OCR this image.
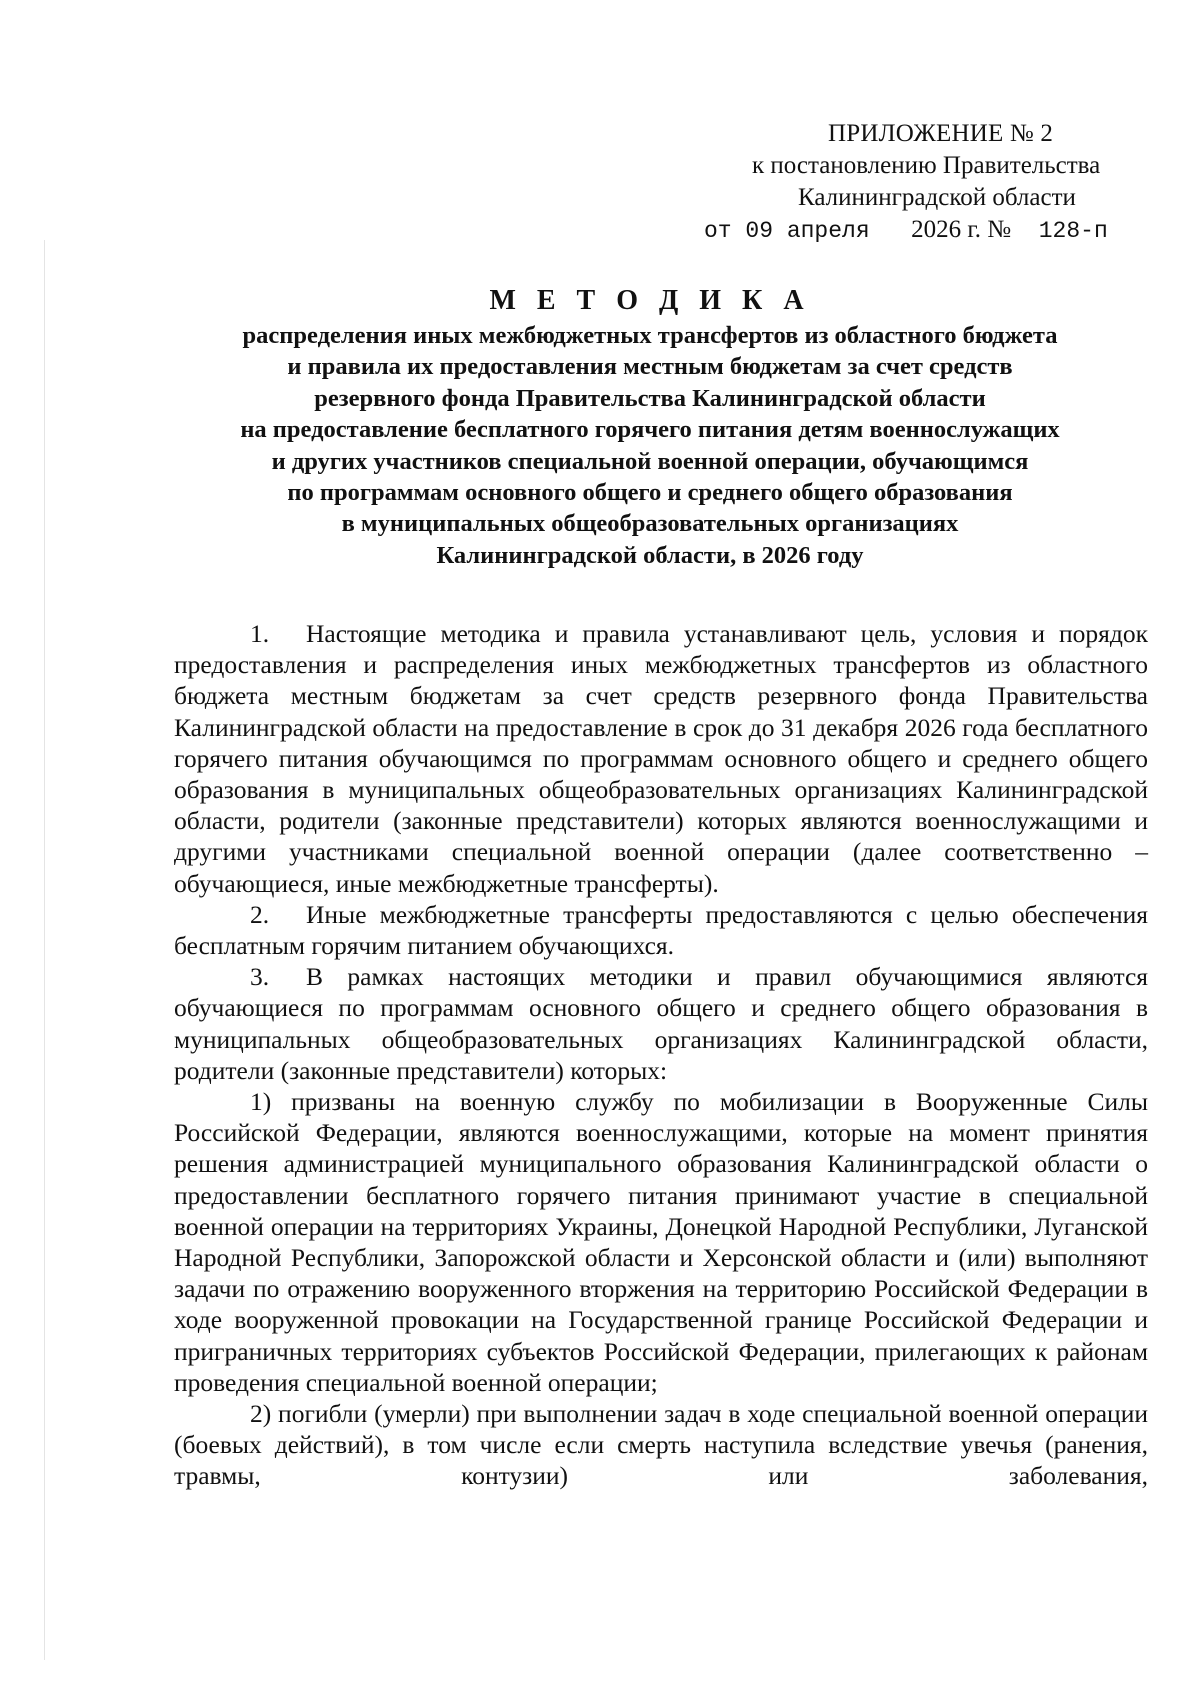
ПРИЛОЖЕНИЕ № 2
к постановлению Правительства
Калининградской области
от 09 апреля 2026 г. № 128-п
М Е Т О Д И К А
распределения иных межбюджетных трансфертов из областного бюджета
и правила их предоставления местным бюджетам за счет средств
резервного фонда Правительства Калининградской области
на предоставление бесплатного горячего питания детям военнослужащих
и других участников специальной военной операции, обучающимся
по программам основного общего и среднего общего образования
в муниципальных общеобразовательных организациях
Калининградской области, в 2026 году

1. Настоящие методика и правила устанавливают цель, условия и порядок предоставления и распределения иных межбюджетных трансфертов из областного бюджета местным бюджетам за счет средств резервного фонда Правительства Калининградской области на предоставление в срок до 31 декабря 2026 года бесплатного горячего питания обучающимся по программам основного общего и среднего общего образования в муниципальных общеобразовательных организациях Калининградской области, родители (законные представители) которых являются военнослужащими и другими участниками специальной военной операции (далее соответственно – обучающиеся, иные межбюджетные трансферты).

2. Иные межбюджетные трансферты предоставляются с целью обеспечения бесплатным горячим питанием обучающихся.

3. В рамках настоящих методики и правил обучающимися являются обучающиеся по программам основного общего и среднего общего образования в муниципальных общеобразовательных организациях Калининградской области, родители (законные представители) которых:

1) призваны на военную службу по мобилизации в Вооруженные Силы Российской Федерации, являются военнослужащими, которые на момент принятия решения администрацией муниципального образования Калининградской области о предоставлении бесплатного горячего питания принимают участие в специальной военной операции на территориях Украины, Донецкой Народной Республики, Луганской Народной Республики, Запорожской области и Херсонской области и (или) выполняют задачи по отражению вооруженного вторжения на территорию Российской Федерации в ходе вооруженной провокации на Государственной границе Российской Федерации и приграничных территориях субъектов Российской Федерации, прилегающих к районам проведения специальной военной операции;

2) погибли (умерли) при выполнении задач в ходе специальной военной операции (боевых действий), в том числе если смерть наступила вследствие увечья (ранения, травмы, контузии) или заболевания,
